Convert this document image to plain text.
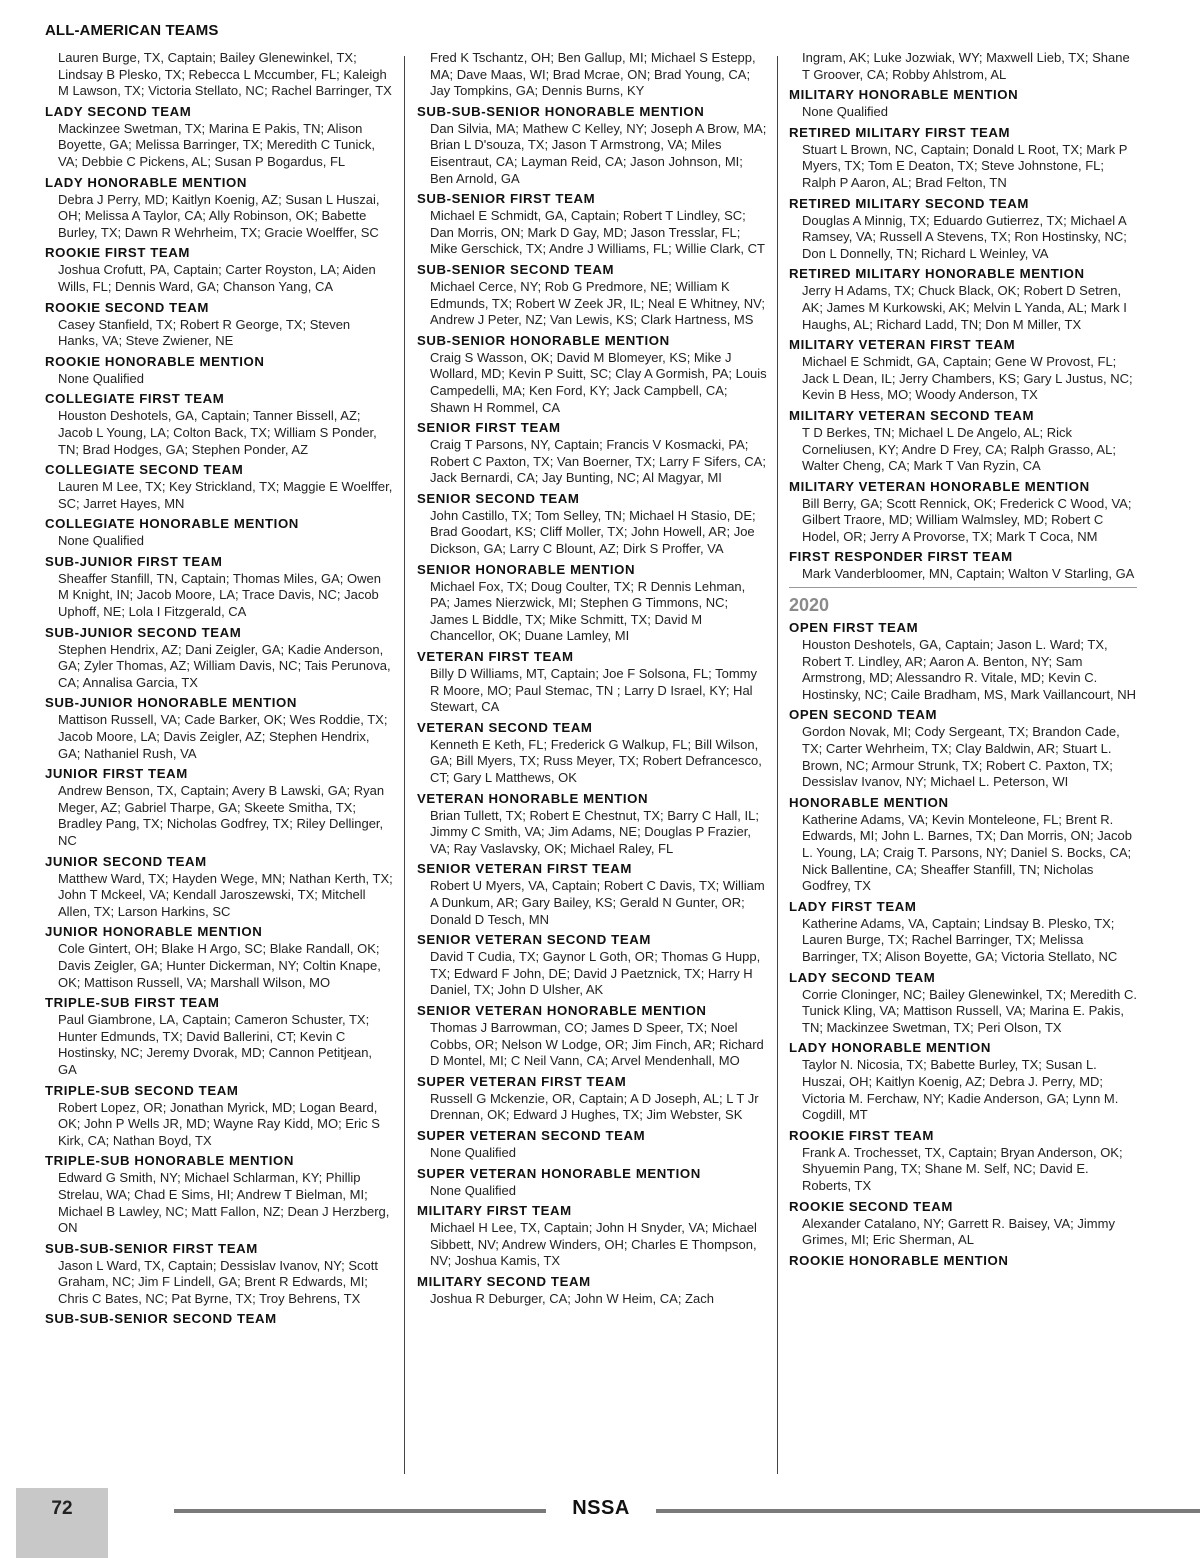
ALL-AMERICAN TEAMS
Lauren Burge, TX, Captain; Bailey Glenewinkel, TX; Lindsay B Plesko, TX; Rebecca L Mccumber, FL; Kaleigh M Lawson, TX; Victoria Stellato, NC; Rachel Barringer, TX
LADY SECOND TEAM
Mackinzee Swetman, TX; Marina E Pakis, TN; Alison Boyette, GA; Melissa Barringer, TX; Meredith C Tunick, VA; Debbie C Pickens, AL; Susan P Bogardus, FL
LADY HONORABLE MENTION
Debra J Perry, MD; Kaitlyn Koenig, AZ; Susan L Huszai, OH; Melissa A Taylor, CA; Ally Robinson, OK; Babette Burley, TX; Dawn R Wehrheim, TX; Gracie Woelffer, SC
ROOKIE FIRST TEAM
Joshua Crofutt, PA, Captain; Carter Royston, LA; Aiden Wills, FL; Dennis Ward, GA; Chanson Yang, CA
ROOKIE SECOND TEAM
Casey Stanfield, TX; Robert R George, TX; Steven Hanks, VA; Steve Zwiener, NE
ROOKIE HONORABLE MENTION
None Qualified
COLLEGIATE FIRST TEAM
Houston Deshotels, GA, Captain; Tanner Bissell, AZ; Jacob L Young, LA; Colton Back, TX; William S Ponder, TN; Brad Hodges, GA; Stephen Ponder, AZ
COLLEGIATE SECOND TEAM
Lauren M Lee, TX; Key Strickland, TX; Maggie E Woelffer, SC; Jarret Hayes, MN
COLLEGIATE HONORABLE MENTION
None Qualified
SUB-JUNIOR FIRST TEAM
Sheaffer Stanfill, TN, Captain; Thomas Miles, GA; Owen M Knight, IN; Jacob Moore, LA; Trace Davis, NC; Jacob Uphoff, NE; Lola I Fitzgerald, CA
SUB-JUNIOR SECOND TEAM
Stephen Hendrix, AZ; Dani Zeigler, GA; Kadie Anderson, GA; Zyler Thomas, AZ; William Davis, NC; Tais Perunova, CA; Annalisa Garcia, TX
SUB-JUNIOR HONORABLE MENTION
Mattison Russell, VA; Cade Barker, OK; Wes Roddie, TX; Jacob Moore, LA; Davis Zeigler, AZ; Stephen Hendrix, GA; Nathaniel Rush, VA
JUNIOR FIRST TEAM
Andrew Benson, TX, Captain; Avery B Lawski, GA; Ryan Meger, AZ; Gabriel Tharpe, GA; Skeete Smitha, TX; Bradley Pang, TX; Nicholas Godfrey, TX; Riley Dellinger, NC
JUNIOR SECOND TEAM
Matthew Ward, TX; Hayden Wege, MN; Nathan Kerth, TX; John T Mckeel, VA; Kendall Jaroszewski, TX; Mitchell Allen, TX; Larson Harkins, SC
JUNIOR HONORABLE MENTION
Cole Gintert, OH; Blake H Argo, SC; Blake Randall, OK; Davis Zeigler, GA; Hunter Dickerman, NY; Coltin Knape, OK; Mattison Russell, VA; Marshall Wilson, MO
TRIPLE-SUB FIRST TEAM
Paul Giambrone, LA, Captain; Cameron Schuster, TX; Hunter Edmunds, TX; David Ballerini, CT; Kevin C Hostinsky, NC; Jeremy Dvorak, MD; Cannon Petitjean, GA
TRIPLE-SUB SECOND TEAM
Robert Lopez, OR; Jonathan Myrick, MD; Logan Beard, OK; John P Wells JR, MD; Wayne Ray Kidd, MO; Eric S Kirk, CA; Nathan Boyd, TX
TRIPLE-SUB HONORABLE MENTION
Edward G Smith, NY; Michael Schlarman, KY; Phillip Strelau, WA; Chad E Sims, HI; Andrew T Bielman, MI; Michael B Lawley, NC; Matt Fallon, NZ; Dean J Herzberg, ON
SUB-SUB-SENIOR FIRST TEAM
Jason L Ward, TX, Captain; Dessislav Ivanov, NY; Scott Graham, NC; Jim F Lindell, GA; Brent R Edwards, MI; Chris C Bates, NC; Pat Byrne, TX; Troy Behrens, TX
SUB-SUB-SENIOR SECOND TEAM
Fred K Tschantz, OH; Ben Gallup, MI; Michael S Estepp, MA; Dave Maas, WI; Brad Mcrae, ON; Brad Young, CA; Jay Tompkins, GA; Dennis Burns, KY
SUB-SUB-SENIOR HONORABLE MENTION
Dan Silvia, MA; Mathew C Kelley, NY; Joseph A Brow, MA; Brian L D'souza, TX; Jason T Armstrong, VA; Miles Eisentraut, CA; Layman Reid, CA; Jason Johnson, MI; Ben Arnold, GA
SUB-SENIOR FIRST TEAM
Michael E Schmidt, GA, Captain; Robert T Lindley, SC; Dan Morris, ON; Mark D Gay, MD; Jason Tresslar, FL; Mike Gerschick, TX; Andre J Williams, FL; Willie Clark, CT
SUB-SENIOR SECOND TEAM
Michael Cerce, NY; Rob G Predmore, NE; William K Edmunds, TX; Robert W Zeek JR, IL; Neal E Whitney, NV; Andrew J Peter, NZ; Van Lewis, KS; Clark Hartness, MS
SUB-SENIOR HONORABLE MENTION
Craig S Wasson, OK; David M Blomeyer, KS; Mike J Wollard, MD; Kevin P Suitt, SC; Clay A Gormish, PA; Louis Campedelli, MA; Ken Ford, KY; Jack Campbell, CA; Shawn H Rommel, CA
SENIOR FIRST TEAM
Craig T Parsons, NY, Captain; Francis V Kosmacki, PA; Robert C Paxton, TX; Van Boerner, TX; Larry F Sifers, CA; Jack Bernardi, CA; Jay Bunting, NC; Al Magyar, MI
SENIOR SECOND TEAM
John Castillo, TX; Tom Selley, TN; Michael H Stasio, DE; Brad Goodart, KS; Cliff Moller, TX; John Howell, AR; Joe Dickson, GA; Larry C Blount, AZ; Dirk S Proffer, VA
SENIOR HONORABLE MENTION
Michael Fox, TX; Doug Coulter, TX; R Dennis Lehman, PA; James Nierzwick, MI; Stephen G Timmons, NC; James L Biddle, TX; Mike Schmitt, TX; David M Chancellor, OK; Duane Lamley, MI
VETERAN FIRST TEAM
Billy D Williams, MT, Captain; Joe F Solsona, FL; Tommy R Moore, MO; Paul Stemac, TN ; Larry D Israel, KY; Hal Stewart, CA
VETERAN SECOND TEAM
Kenneth E Keth, FL; Frederick G Walkup, FL; Bill Wilson, GA; Bill Myers, TX; Russ Meyer, TX; Robert Defrancesco, CT; Gary L Matthews, OK
VETERAN HONORABLE MENTION
Brian Tullett, TX; Robert E Chestnut, TX; Barry C Hall, IL; Jimmy C Smith, VA; Jim Adams, NE; Douglas P Frazier, VA; Ray Vaslavsky, OK; Michael Raley, FL
SENIOR VETERAN FIRST TEAM
Robert U Myers, VA, Captain; Robert C Davis, TX; William A Dunkum, AR; Gary Bailey, KS; Gerald N Gunter, OR; Donald D Tesch, MN
SENIOR VETERAN SECOND TEAM
David T Cudia, TX; Gaynor L Goth, OR; Thomas G Hupp, TX; Edward F John, DE; David J Paetznick, TX; Harry H Daniel, TX; John D Ulsher, AK
SENIOR VETERAN HONORABLE MENTION
Thomas J Barrowman, CO; James D Speer, TX; Noel Cobbs, OR; Nelson W Lodge, OR; Jim Finch, AR; Richard D Montel, MI; C Neil Vann, CA; Arvel Mendenhall, MO
SUPER VETERAN FIRST TEAM
Russell G Mckenzie, OR, Captain; A D Joseph, AL; L T Jr Drennan, OK; Edward J Hughes, TX; Jim Webster, SK
SUPER VETERAN SECOND TEAM
None Qualified
SUPER VETERAN HONORABLE MENTION
None Qualified
MILITARY FIRST TEAM
Michael H Lee, TX, Captain; John H Snyder, VA; Michael Sibbett, NV; Andrew Winders, OH; Charles E Thompson, NV; Joshua Kamis, TX
MILITARY SECOND TEAM
Joshua R Deburger, CA; John W Heim, CA; Zach
Ingram, AK; Luke Jozwiak, WY; Maxwell Lieb, TX; Shane T Groover, CA; Robby Ahlstrom, AL
MILITARY HONORABLE MENTION
None Qualified
RETIRED MILITARY FIRST TEAM
Stuart L Brown, NC, Captain; Donald L Root, TX; Mark P Myers, TX; Tom E Deaton, TX; Steve Johnstone, FL; Ralph P Aaron, AL; Brad Felton, TN
RETIRED MILITARY SECOND TEAM
Douglas A Minnig, TX; Eduardo Gutierrez, TX; Michael A Ramsey, VA; Russell A Stevens, TX; Ron Hostinsky, NC; Don L Donnelly, TN; Richard L Weinley, VA
RETIRED MILITARY HONORABLE MENTION
Jerry H Adams, TX; Chuck Black, OK; Robert D Setren, AK; James M Kurkowski, AK; Melvin L Yanda, AL; Mark I Haughs, AL; Richard Ladd, TN; Don M Miller, TX
MILITARY VETERAN FIRST TEAM
Michael E Schmidt, GA, Captain; Gene W Provost, FL; Jack L Dean, IL; Jerry Chambers, KS; Gary L Justus, NC; Kevin B Hess, MO; Woody Anderson, TX
MILITARY VETERAN SECOND TEAM
T D Berkes, TN; Michael L De Angelo, AL; Rick Corneliusen, KY; Andre D Frey, CA; Ralph Grasso, AL; Walter Cheng, CA; Mark T Van Ryzin, CA
MILITARY VETERAN HONORABLE MENTION
Bill Berry, GA; Scott Rennick, OK; Frederick C Wood, VA; Gilbert Traore, MD; William Walmsley, MD; Robert C Hodel, OR; Jerry A Provorse, TX; Mark T Coca, NM
FIRST RESPONDER FIRST TEAM
Mark Vanderbloomer, MN, Captain; Walton V Starling, GA
2020
OPEN FIRST TEAM
Houston Deshotels, GA, Captain; Jason L. Ward; TX, Robert T. Lindley, AR; Aaron A. Benton, NY; Sam Armstrong, MD; Alessandro R. Vitale, MD; Kevin C. Hostinsky, NC; Caile Bradham, MS, Mark Vaillancourt, NH
OPEN SECOND TEAM
Gordon Novak, MI; Cody Sergeant, TX; Brandon Cade, TX; Carter Wehrheim, TX; Clay Baldwin, AR; Stuart L. Brown, NC; Armour Strunk, TX; Robert C. Paxton, TX; Dessislav Ivanov, NY; Michael L. Peterson, WI
HONORABLE MENTION
Katherine Adams, VA; Kevin Monteleone, FL; Brent R. Edwards, MI; John L. Barnes, TX; Dan Morris, ON; Jacob L. Young, LA; Craig T. Parsons, NY; Daniel S. Bocks, CA; Nick Ballentine, CA; Sheaffer Stanfill, TN; Nicholas Godfrey, TX
LADY FIRST TEAM
Katherine Adams, VA, Captain; Lindsay B. Plesko, TX; Lauren Burge, TX; Rachel Barringer, TX; Melissa Barringer, TX; Alison Boyette, GA; Victoria Stellato, NC
LADY SECOND TEAM
Corrie Cloninger, NC; Bailey Glenewinkel, TX; Meredith C. Tunick Kling, VA; Mattison Russell, VA; Marina E. Pakis, TN; Mackinzee Swetman, TX; Peri Olson, TX
LADY HONORABLE MENTION
Taylor N. Nicosia, TX; Babette Burley, TX; Susan L. Huszai, OH; Kaitlyn Koenig, AZ; Debra J. Perry, MD; Victoria M. Ferchaw, NY; Kadie Anderson, GA; Lynn M. Cogdill, MT
ROOKIE FIRST TEAM
Frank A. Trochesset, TX, Captain; Bryan Anderson, OK; Shyuemin Pang, TX; Shane M. Self, NC; David E. Roberts, TX
ROOKIE SECOND TEAM
Alexander Catalano, NY; Garrett R. Baisey, VA; Jimmy Grimes, MI; Eric Sherman, AL
ROOKIE HONORABLE MENTION
72	NSSA
